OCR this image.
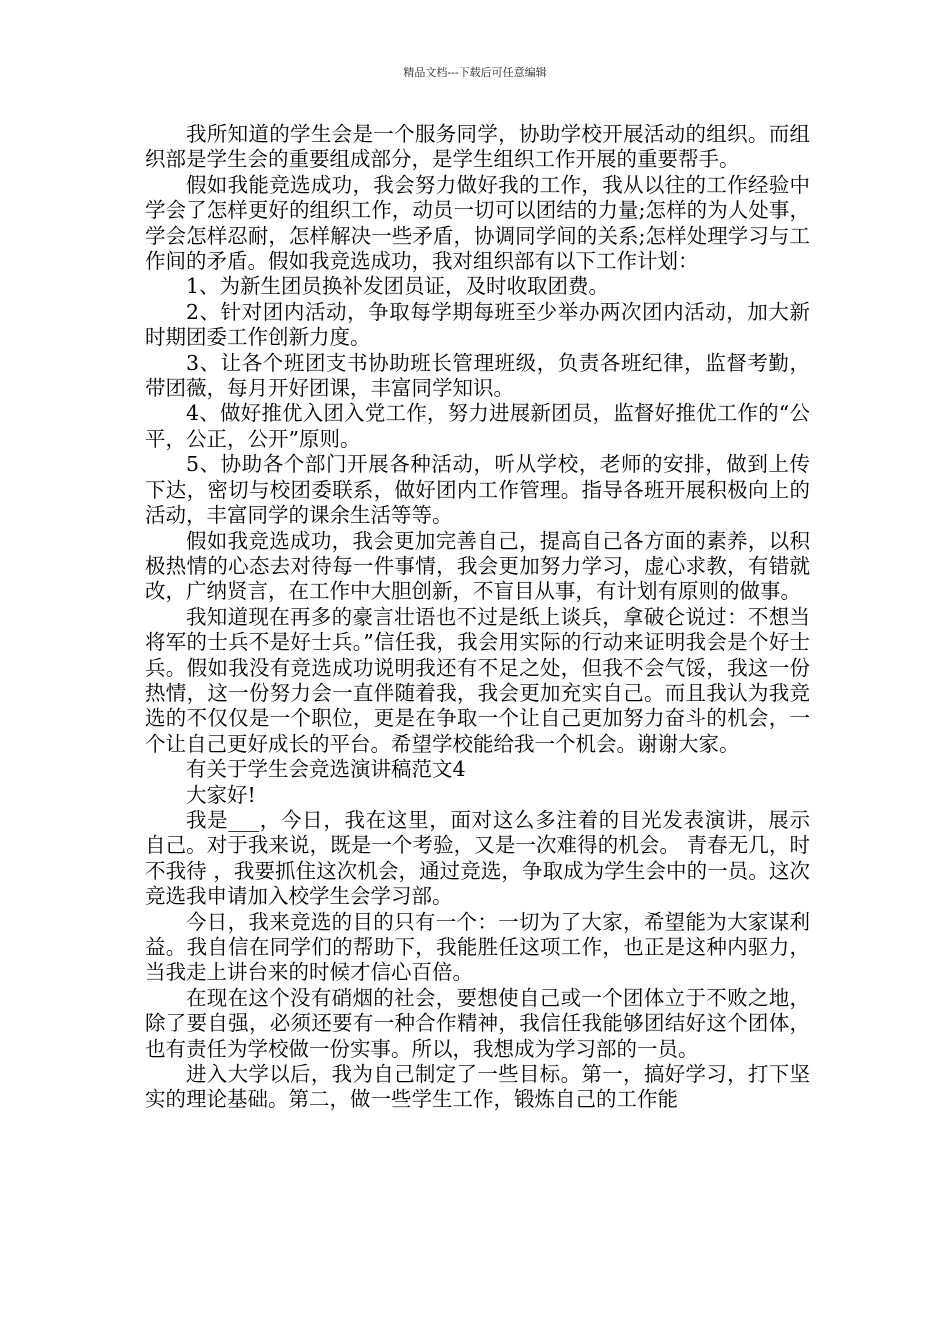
精品文档---下载后可任意编辑

我所知道的学生会是一个服务同学，协助学校开展活动的组织。而组织部是学生会的重要组成部分，是学生组织工作开展的重要帮手。

假如我能竞选成功，我会努力做好我的工作，我从以往的工作经验中学会了怎样更好的组织工作，动员一切可以团结的力量;怎样的为人处事，学会怎样忍耐，怎样解决一些矛盾，协调同学间的关系;怎样处理学习与工作间的矛盾。假如我竞选成功，我对组织部有以下工作计划：

1、为新生团员换补发团员证，及时收取团费。

2、针对团内活动，争取每学期每班至少举办两次团内活动，加大新时期团委工作创新力度。

3、让各个班团支书协助班长管理班级，负责各班纪律，监督考勤，带团薇，每月开好团课，丰富同学知识。

4、做好推优入团入党工作，努力进展新团员，监督好推优工作的“公平，公正，公开”原则。

5、协助各个部门开展各种活动，听从学校，老师的安排，做到上传下达，密切与校团委联系，做好团内工作管理。指导各班开展积极向上的活动，丰富同学的课余生活等等。

假如我竞选成功，我会更加完善自己，提高自己各方面的素养，以积极热情的心态去对待每一件事情，我会更加努力学习，虚心求教，有错就改，广纳贤言，在工作中大胆创新，不盲目从事，有计划有原则的做事。

我知道现在再多的豪言壮语也不过是纸上谈兵，拿破仑说过：不想当将军的士兵不是好士兵。”信任我，我会用实际的行动来证明我会是个好士兵。假如我没有竞选成功说明我还有不足之处，但我不会气馁，我这一份热情，这一份努力会一直伴随着我，我会更加充实自己。而且我认为我竞选的不仅仅是一个职位，更是在争取一个让自己更加努力奋斗的机会，一个让自己更好成长的平台。希望学校能给我一个机会。谢谢大家。

有关于学生会竞选演讲稿范文4

大家好!

我是___，今日，我在这里，面对这么多注着的目光发表演讲，展示自己。对于我来说，既是一个考验，又是一次难得的机会。 青春无几，时不我待 ，我要抓住这次机会，通过竞选，争取成为学生会中的一员。这次竞选我申请加入校学生会学习部。

今日，我来竞选的目的只有一个：一切为了大家，希望能为大家谋利益。我自信在同学们的帮助下，我能胜任这项工作，也正是这种内驱力，当我走上讲台来的时候才信心百倍。

在现在这个没有硝烟的社会，要想使自己或一个团体立于不败之地，除了要自强，必须还要有一种合作精神，我信任我能够团结好这个团体，也有责任为学校做一份实事。所以，我想成为学习部的一员。

进入大学以后，我为自己制定了一些目标。第一，搞好学习，打下坚实的理论基础。第二，做一些学生工作，锻炼自己的工作能
